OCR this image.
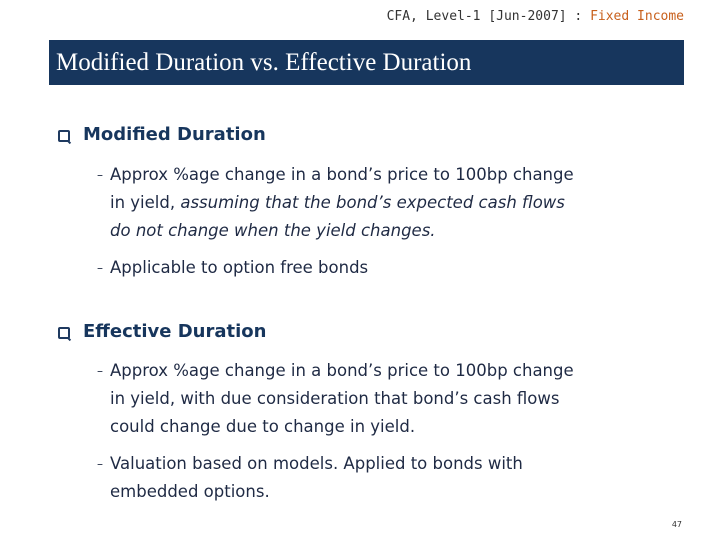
CFA, Level-1 [Jun-2007] : Fixed Income
Modified Duration vs. Effective Duration
Modified Duration
– Approx %age change in a bond’s price to 100bp change
in yield, assuming that the bond’s expected cash flows
do not change when the yield changes.
– Applicable to option free bonds
Effective Duration
– Approx %age change in a bond’s price to 100bp change
in yield, with due consideration that bond’s cash flows
could change due to change in yield.
– Valuation based on models. Applied to bonds with
embedded options.
47
